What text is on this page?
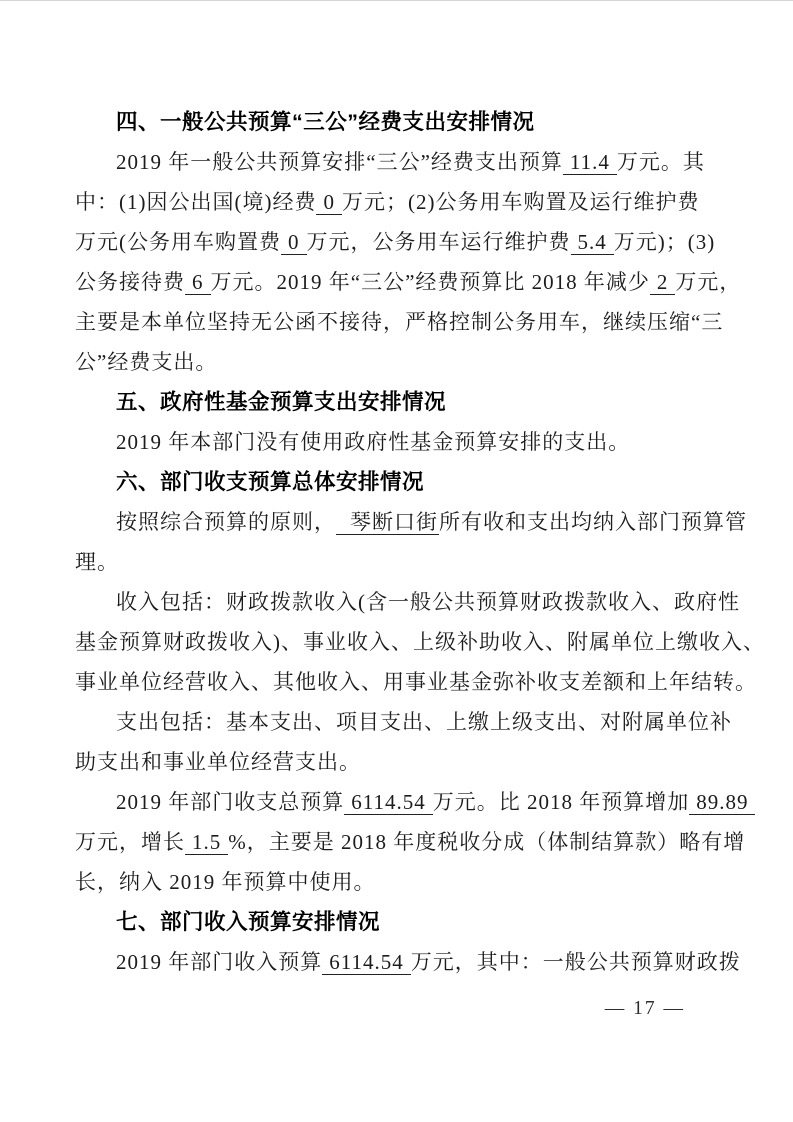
四、一般公共预算“三公”经费支出安排情况
2019 年一般公共预算安排“三公”经费支出预算 11.4 万元。其
中：(1)因公出国(境)经费 0 万元；(2)公务用车购置及运行维护费
万元(公务用车购置费 0 万元，公务用车运行维护费 5.4 万元)；(3)
公务接待费 6 万元。2019 年“三公”经费预算比 2018 年减少 2 万元，
主要是本单位坚持无公函不接待，严格控制公务用车，继续压缩“三
公”经费支出。
五、政府性基金预算支出安排情况
2019 年本部门没有使用政府性基金预算安排的支出。
六、部门收支预算总体安排情况
按照综合预算的原则， 琴断口街所有收和支出均纳入部门预算管
理。
收入包括：财政拨款收入(含一般公共预算财政拨款收入、政府性
基金预算财政拨收入)、事业收入、上级补助收入、附属单位上缴收入、
事业单位经营收入、其他收入、用事业基金弥补收支差额和上年结转。
支出包括：基本支出、项目支出、上缴上级支出、对附属单位补
助支出和事业单位经营支出。
2019 年部门收支总预算 6114.54 万元。比 2018 年预算增加 89.89
万元，增长 1.5 %，主要是 2018 年度税收分成（体制结算款）略有增
长，纳入 2019 年预算中使用。
七、部门收入预算安排情况
2019 年部门收入预算 6114.54 万元，其中：一般公共预算财政拨
— 17 —
